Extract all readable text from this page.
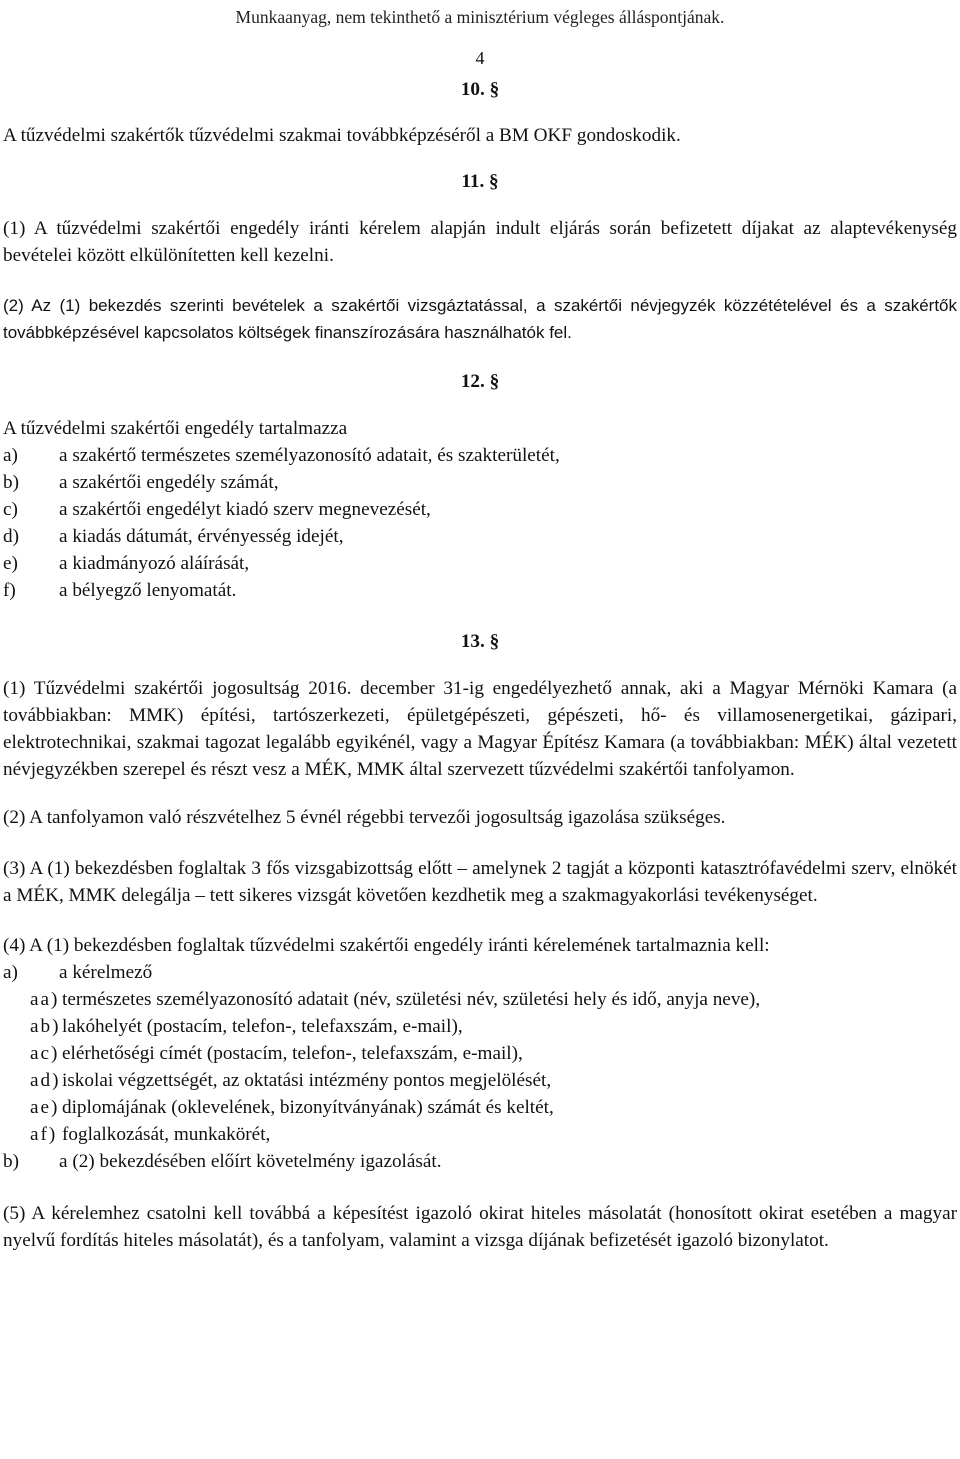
Munkaanyag, nem tekinthető a minisztérium végleges álláspontjának.
4
10. §

A tűzvédelmi szakértők tűzvédelmi szakmai továbbképzéséről a BM OKF gondoskodik.

11. §

(1) A tűzvédelmi szakértői engedély iránti kérelem alapján indult eljárás során befizetett díjakat az alaptevékenység bevételei között elkülönítetten kell kezelni.

(2) Az (1) bekezdés szerinti bevételek a szakértői vizsgáztatással, a szakértői névjegyzék közzétételével és a szakértők továbbképzésével kapcsolatos költségek finanszírozására használhatók fel.

12. §

A tűzvédelmi szakértői engedély tartalmazza

a)	a szakértő természetes személyazonosító adatait, és szakterületét,
b)	a szakértői engedély számát,
c)	a szakértői engedélyt kiadó szerv megnevezését,
d)	a kiadás dátumát, érvényesség idejét,
e)	a kiadmányozó aláírását,
f)	a bélyegző lenyomatát.
13. §

(1) Tűzvédelmi szakértői jogosultság 2016. december 31-ig engedélyezhető annak, aki a Magyar Mérnöki Kamara (a továbbiakban: MMK) építési, tartószerkezeti, épületgépészeti, gépészeti, hő- és villamosenergetikai, gázipari, elektrotechnikai, szakmai tagozat legalább egyikénél, vagy a Magyar Építész Kamara (a továbbiakban: MÉK) által vezetett névjegyzékben szerepel és részt vesz a MÉK, MMK által szervezett tűzvédelmi szakértői tanfolyamon.

(2) A tanfolyamon való részvételhez 5 évnél régebbi tervezői jogosultság igazolása szükséges.

(3) A (1) bekezdésben foglaltak 3 fős vizsgabizottság előtt – amelynek 2 tagját a központi katasztrófavédelmi szerv, elnökét a MÉK, MMK delegálja – tett sikeres vizsgát követően kezdhetik meg a szakmagyakorlási tevékenységet.

(4) A (1) bekezdésben foglaltak tűzvédelmi szakértői engedély iránti kérelemének tartalmaznia kell:

a)	a kérelmező
aa) természetes személyazonosító adatait (név, születési név, születési hely és idő, anyja neve),
ab) lakóhelyét (postacím, telefon-, telefaxszám, e-mail),
ac) elérhetőségi címét (postacím, telefon-, telefaxszám, e-mail),
ad) iskolai végzettségét, az oktatási intézmény pontos megjelölését,
ae) diplomájának (oklevelének, bizonyítványának) számát és keltét,
af) foglalkozását, munkakörét,
b)	a (2) bekezdésében előírt követelmény igazolását.

(5) A kérelemhez csatolni kell továbbá a képesítést igazoló okirat hiteles másolatát (honosított okirat esetében a magyar nyelvű fordítás hiteles másolatát), és a tanfolyam, valamint a vizsga díjának befizetését igazoló bizonylatot.
